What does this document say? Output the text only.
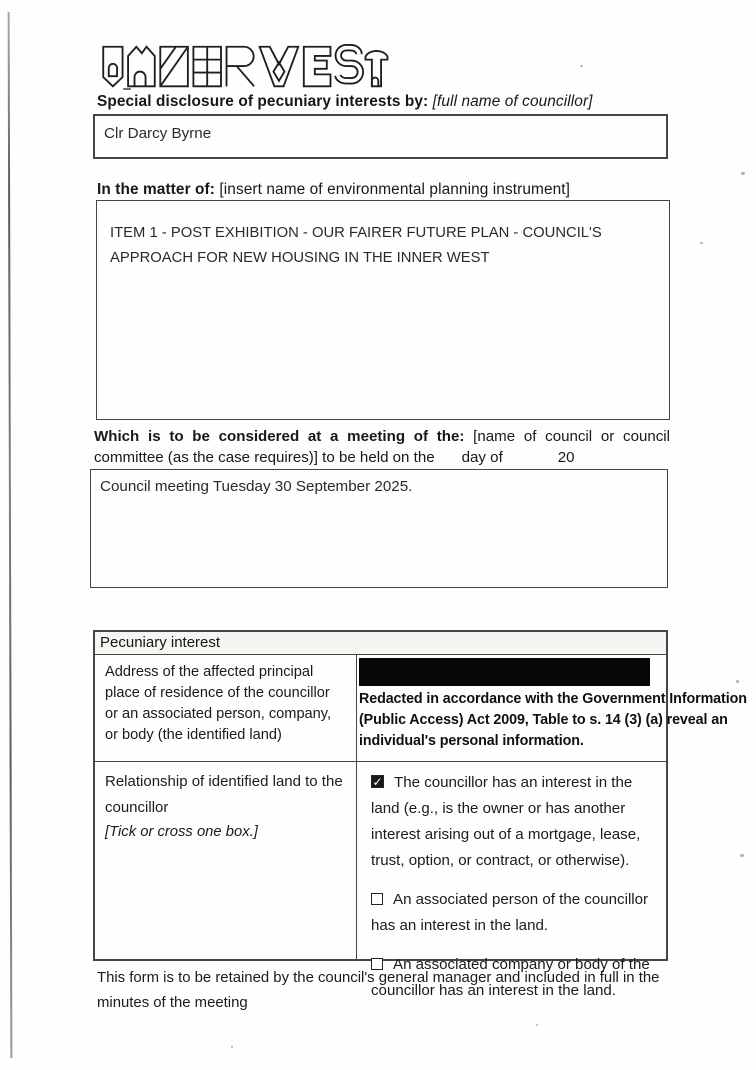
Special disclosure of pecuniary interests by: [full name of councillor]
Clr Darcy Byrne
In the matter of: [insert name of environmental planning instrument]
ITEM 1 - POST EXHIBITION - OUR FAIRER FUTURE PLAN - COUNCIL'S APPROACH FOR NEW HOUSING IN THE INNER WEST
Which is to be considered at a meeting of the: [name of council or council
committee (as the case requires)] to be held on the day of	20
Council meeting Tuesday 30 September 2025.
Pecuniary interest
Address of the affected principal place of residence of the councillor or an associated person, company, or body (the identified land)
Redacted in accordance with the Government Information (Public Access) Act 2009, Table to s. 14 (3) (a) reveal an individual's personal information.
Relationship of identified land to the councillor
[Tick or cross one box.]
✓The councillor has an interest in the land (e.g., is the owner or has another interest arising out of a mortgage, lease, trust, option, or contract, or otherwise).
An associated person of the councillor has an interest in the land.
An associated company or body of the councillor has an interest in the land.
This form is to be retained by the council's general manager and included in full in the minutes of the meeting
